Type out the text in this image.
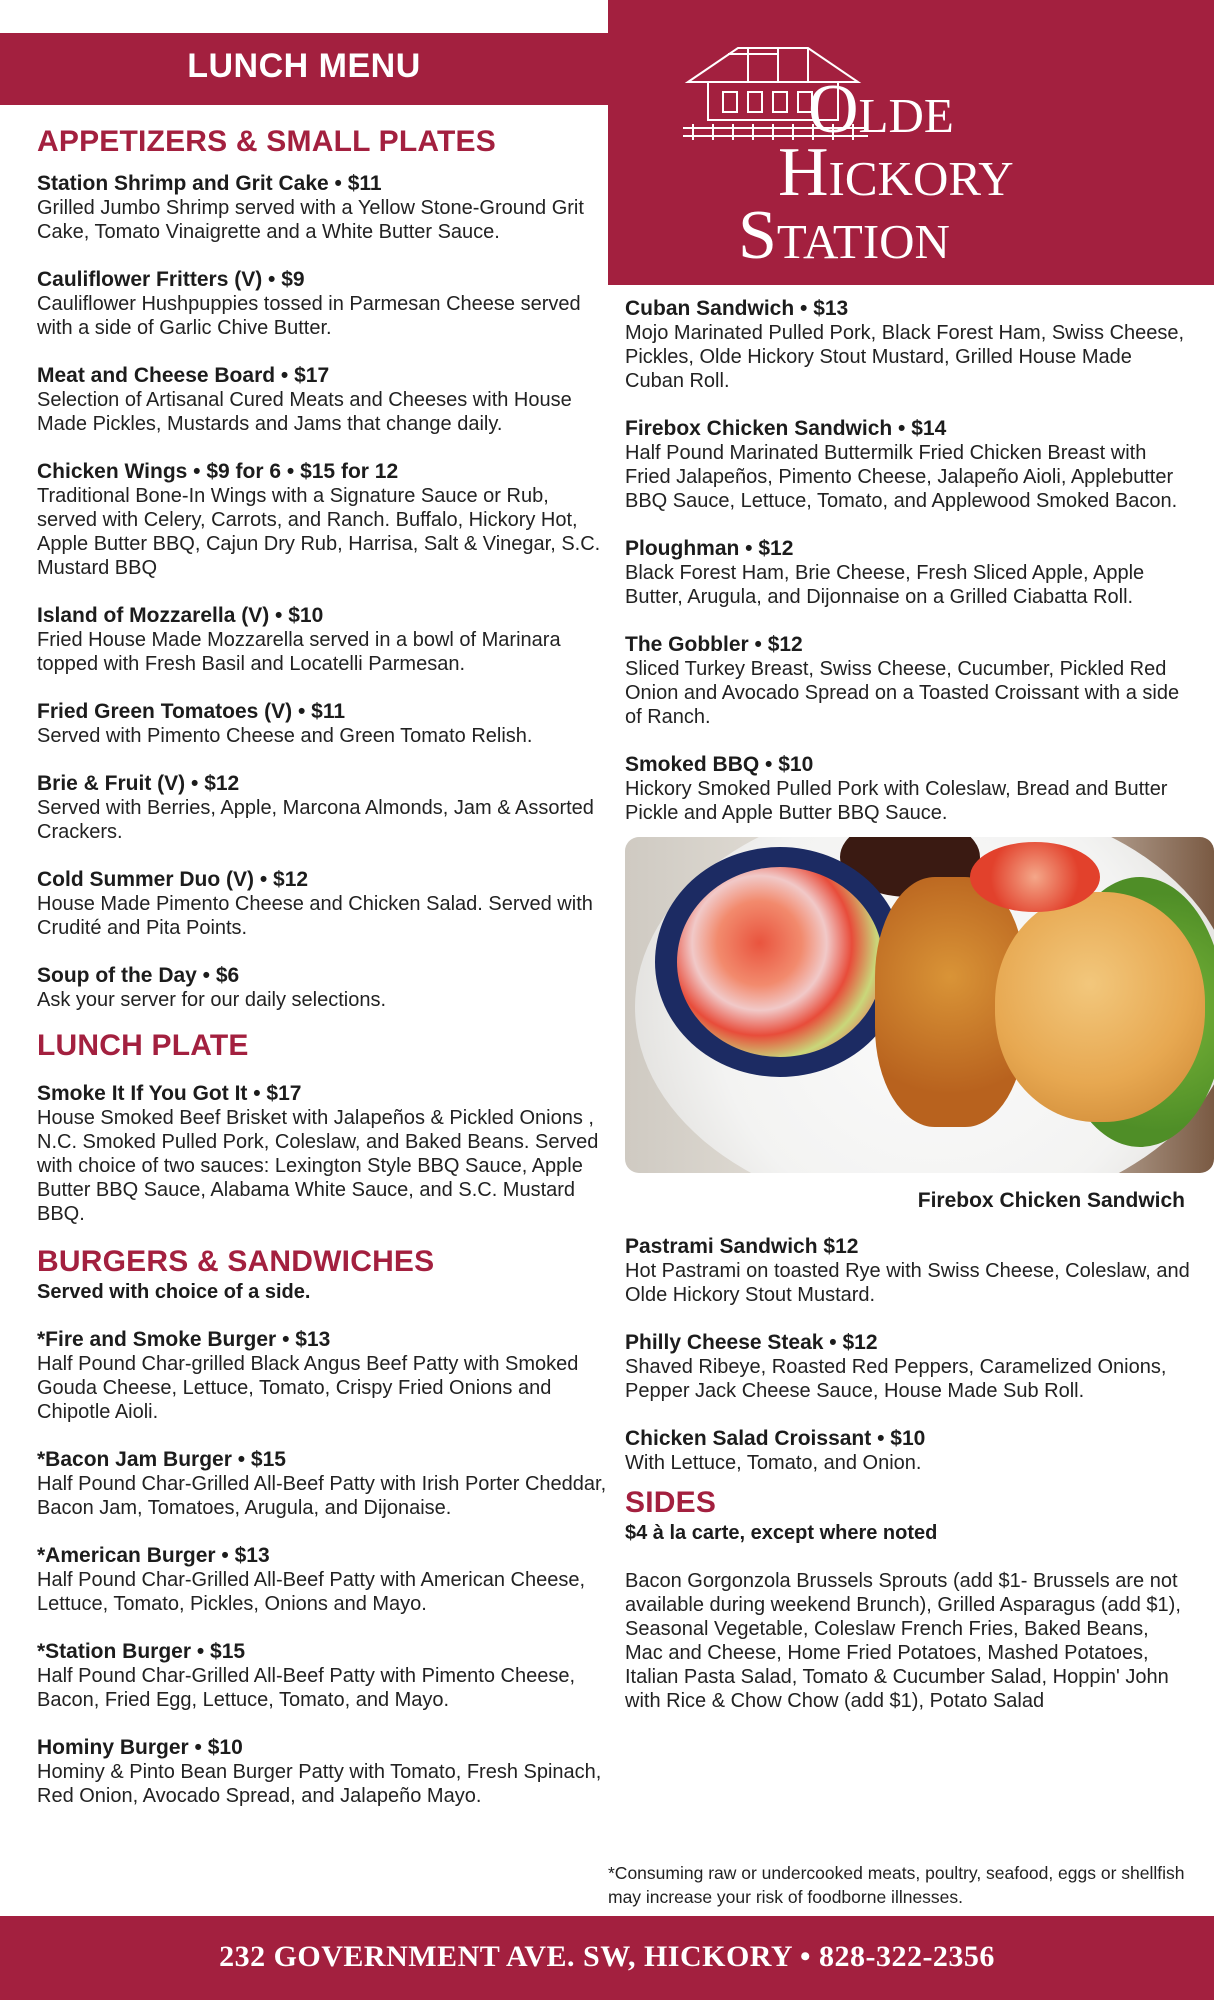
LUNCH MENU
Olde
Hickory
Station
APPETIZERS & SMALL PLATES
Station Shrimp and Grit Cake • $11
Grilled Jumbo Shrimp served with a Yellow Stone-Ground Grit Cake, Tomato Vinaigrette and a White Butter Sauce.
Cauliflower Fritters (V) • $9
Cauliflower Hushpuppies tossed in Parmesan Cheese served with a side of Garlic Chive Butter.
Meat and Cheese Board • $17
Selection of Artisanal Cured Meats and Cheeses with House Made Pickles, Mustards and Jams that change daily.
Chicken Wings • $9 for 6 • $15 for 12
Traditional Bone-In Wings with a Signature Sauce or Rub, served with Celery, Carrots, and Ranch. Buffalo, Hickory Hot, Apple Butter BBQ, Cajun Dry Rub, Harrisa, Salt & Vinegar, S.C. Mustard BBQ
Island of Mozzarella (V) • $10
Fried House Made Mozzarella served in a bowl of Marinara topped with Fresh Basil and Locatelli Parmesan.
Fried Green Tomatoes (V) • $11
Served with Pimento Cheese and Green Tomato Relish.
Brie & Fruit (V) • $12
Served with Berries, Apple, Marcona Almonds, Jam & Assorted Crackers.
Cold Summer Duo (V) • $12
House Made Pimento Cheese and Chicken Salad. Served with Crudité and Pita Points.
Soup of the Day • $6
Ask your server for our daily selections.
LUNCH PLATE
Smoke It If You Got It • $17
House Smoked Beef Brisket with Jalapeños & Pickled Onions , N.C. Smoked Pulled Pork, Coleslaw, and Baked Beans. Served with choice of two sauces: Lexington Style BBQ Sauce, Apple Butter BBQ Sauce, Alabama White Sauce, and S.C. Mustard BBQ.
BURGERS & SANDWICHES
Served with choice of a side.
*Fire and Smoke Burger • $13
Half Pound Char-grilled Black Angus Beef Patty with Smoked Gouda Cheese, Lettuce, Tomato, Crispy Fried Onions and Chipotle Aioli.
*Bacon Jam Burger • $15
Half Pound Char-Grilled All-Beef Patty with Irish Porter Cheddar, Bacon Jam, Tomatoes, Arugula, and Dijonaise.
*American Burger • $13
Half Pound Char-Grilled All-Beef Patty with American Cheese, Lettuce, Tomato, Pickles, Onions and Mayo.
*Station Burger • $15
Half Pound Char-Grilled All-Beef Patty with Pimento Cheese, Bacon, Fried Egg, Lettuce, Tomato, and Mayo.
Hominy Burger • $10
Hominy & Pinto Bean Burger Patty with Tomato, Fresh Spinach, Red Onion, Avocado Spread, and Jalapeño Mayo.
Cuban Sandwich • $13
Mojo Marinated Pulled Pork, Black Forest Ham, Swiss Cheese, Pickles, Olde Hickory Stout Mustard, Grilled House Made Cuban Roll.
Firebox Chicken Sandwich • $14
Half Pound Marinated Buttermilk Fried Chicken Breast with Fried Jalapeños, Pimento Cheese, Jalapeño Aioli, Applebutter BBQ Sauce, Lettuce, Tomato, and Applewood Smoked Bacon.
Ploughman • $12
Black Forest Ham, Brie Cheese, Fresh Sliced Apple, Apple Butter, Arugula, and Dijonnaise on a Grilled Ciabatta Roll.
The Gobbler • $12
Sliced Turkey Breast, Swiss Cheese, Cucumber, Pickled Red Onion and Avocado Spread on a Toasted Croissant with a side of Ranch.
Smoked BBQ • $10
Hickory Smoked Pulled Pork with Coleslaw, Bread and Butter Pickle and Apple Butter BBQ Sauce.
Firebox Chicken Sandwich
Pastrami Sandwich $12
Hot Pastrami on toasted Rye with Swiss Cheese, Coleslaw, and Olde Hickory Stout Mustard.
Philly Cheese Steak • $12
Shaved Ribeye, Roasted Red Peppers, Caramelized Onions, Pepper Jack Cheese Sauce, House Made Sub Roll.
Chicken Salad Croissant • $10
With Lettuce, Tomato, and Onion.
SIDES
$4 à la carte, except where noted
Bacon Gorgonzola Brussels Sprouts (add $1- Brussels are not available during weekend Brunch), Grilled Asparagus (add $1), Seasonal Vegetable, Coleslaw French Fries, Baked Beans, Mac and Cheese, Home Fried Potatoes, Mashed Potatoes, Italian Pasta Salad, Tomato & Cucumber Salad, Hoppin' John with Rice & Chow Chow (add $1), Potato Salad
*Consuming raw or undercooked meats, poultry, seafood, eggs or shellfish may increase your risk of foodborne illnesses.
232 GOVERNMENT AVE. SW, HICKORY • 828-322-2356
